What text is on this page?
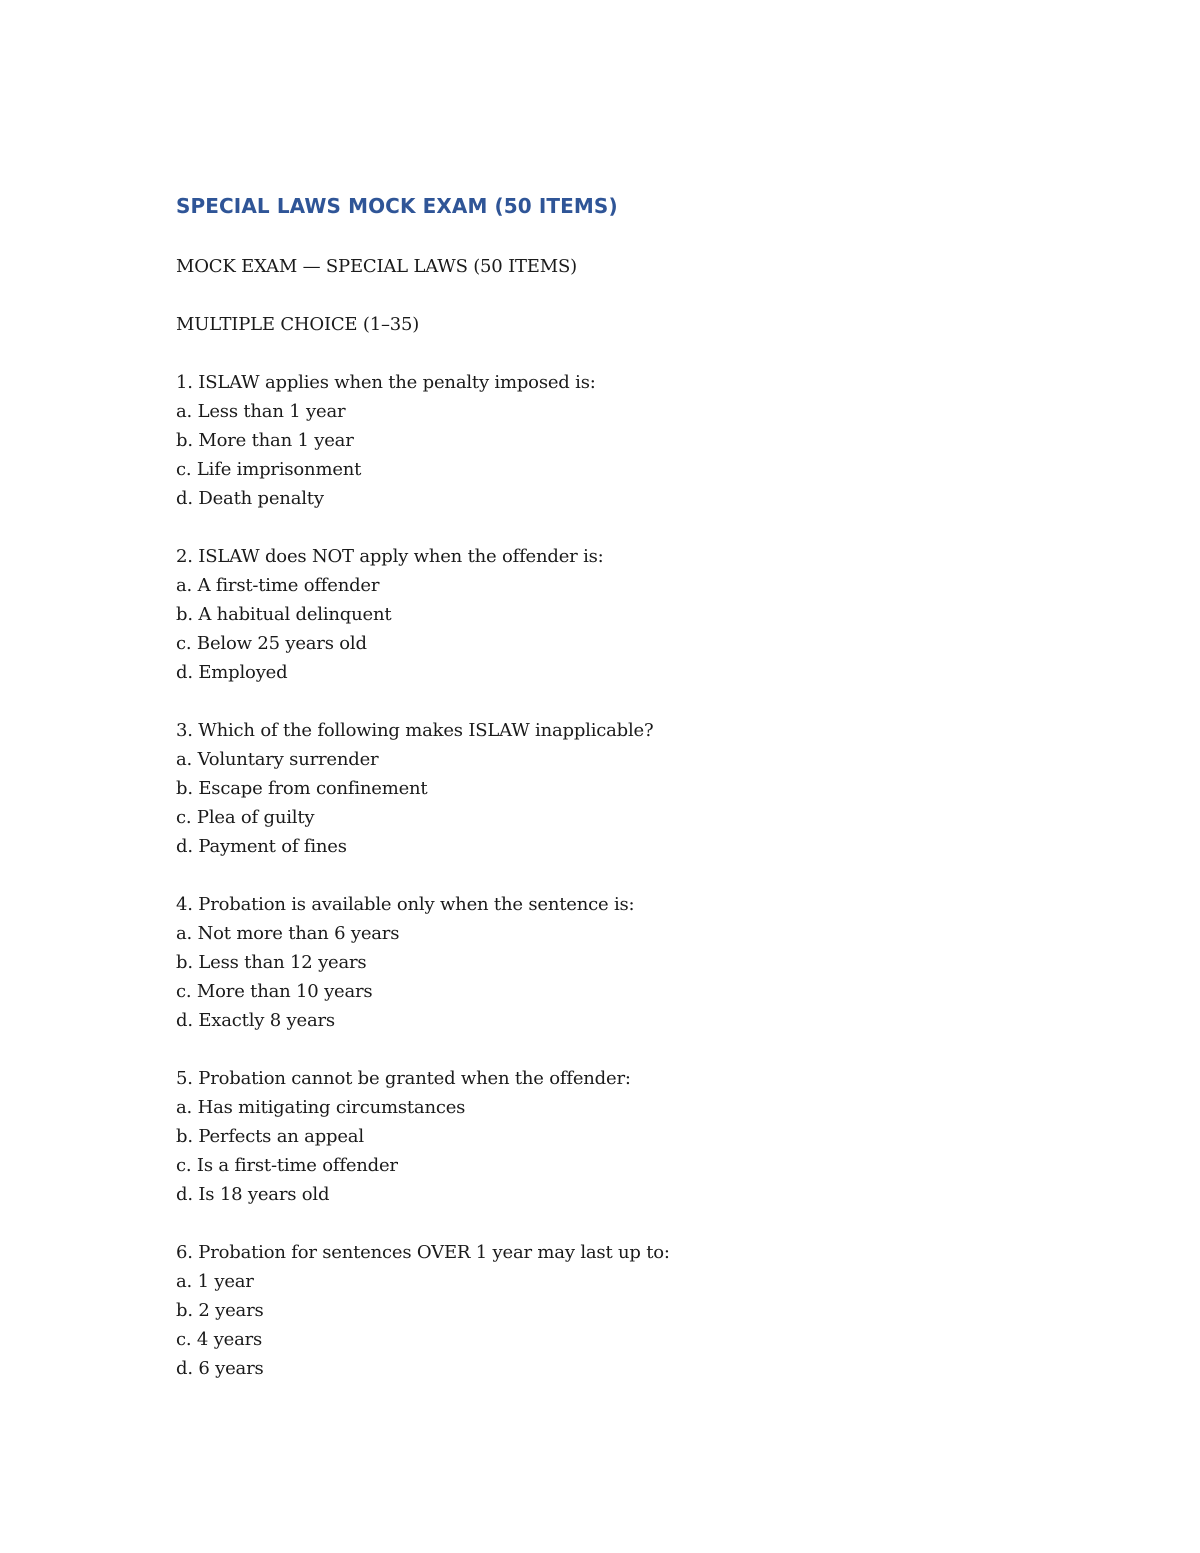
SPECIAL LAWS MOCK EXAM (50 ITEMS)
MOCK EXAM — SPECIAL LAWS (50 ITEMS)
MULTIPLE CHOICE (1–35)
1. ISLAW applies when the penalty imposed is:
a. Less than 1 year
b. More than 1 year
c. Life imprisonment
d. Death penalty
2. ISLAW does NOT apply when the offender is:
a. A first-time offender
b. A habitual delinquent
c. Below 25 years old
d. Employed
3. Which of the following makes ISLAW inapplicable?
a. Voluntary surrender
b. Escape from confinement
c. Plea of guilty
d. Payment of fines
4. Probation is available only when the sentence is:
a. Not more than 6 years
b. Less than 12 years
c. More than 10 years
d. Exactly 8 years
5. Probation cannot be granted when the offender:
a. Has mitigating circumstances
b. Perfects an appeal
c. Is a first-time offender
d. Is 18 years old
6. Probation for sentences OVER 1 year may last up to:
a. 1 year
b. 2 years
c. 4 years
d. 6 years
